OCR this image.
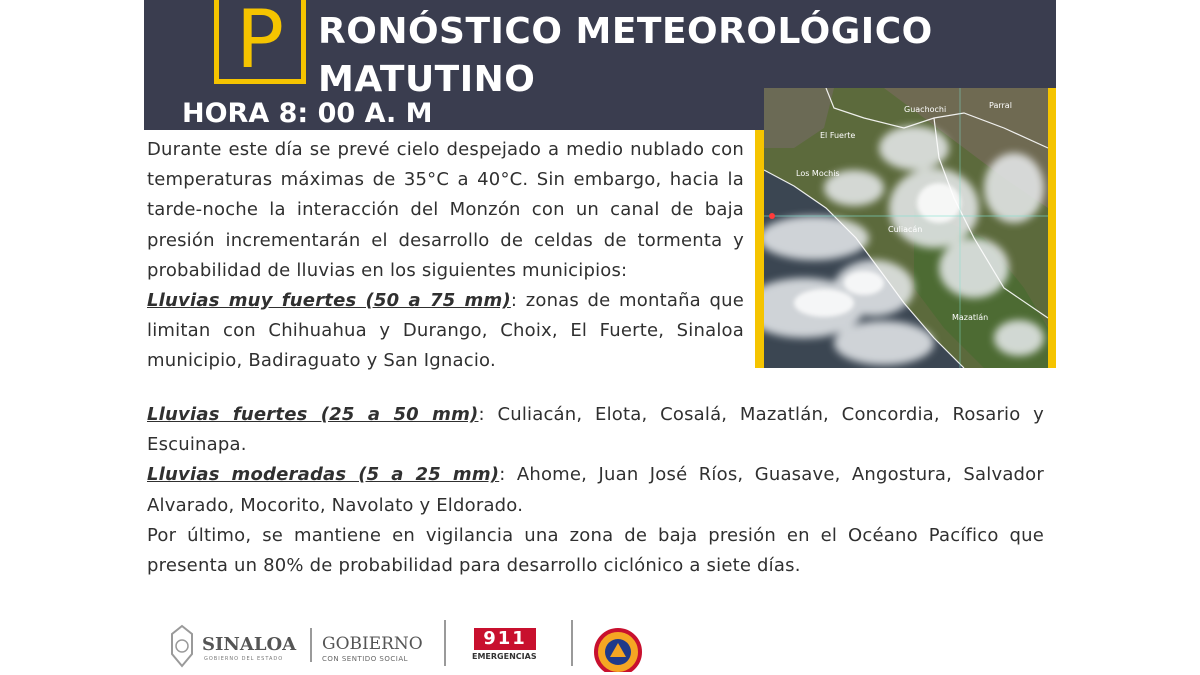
P RONÓSTICO METEOROLÓGICO
MATUTINO
HORA 8: 00 A. M	Guachochi	Parral
El Fuerte
Los Mochis
Culiacán
Mazatlán

Durante este día se prevé cielo despejado a medio nublado con temperaturas máximas de 35°C a 40°C. Sin embargo, hacia la tarde-noche la interacción del Monzón con un canal de baja presión incrementarán el desarrollo de celdas de tormenta y probabilidad de lluvias en los siguientes municipios:

Lluvias muy fuertes (50 a 75 mm): zonas de montaña que limitan con Chihuahua y Durango, Choix, El Fuerte, Sinaloa municipio, Badiraguato y San Ignacio.

Lluvias fuertes (25 a 50 mm): Culiacán, Elota, Cosalá, Mazatlán, Concordia, Rosario y Escuinapa.

Lluvias moderadas (5 a 25 mm): Ahome, Juan José Ríos, Guasave, Angostura, Salvador Alvarado, Mocorito, Navolato y Eldorado.

Por último, se mantiene en vigilancia una zona de baja presión en el Océano Pacífico que presenta un 80% de probabilidad para desarrollo ciclónico a siete días.

SINALOA
GOBIERNO DEL ESTADO
GOBIERNO
CON SENTIDO SOCIAL
911
EMERGENCIAS
